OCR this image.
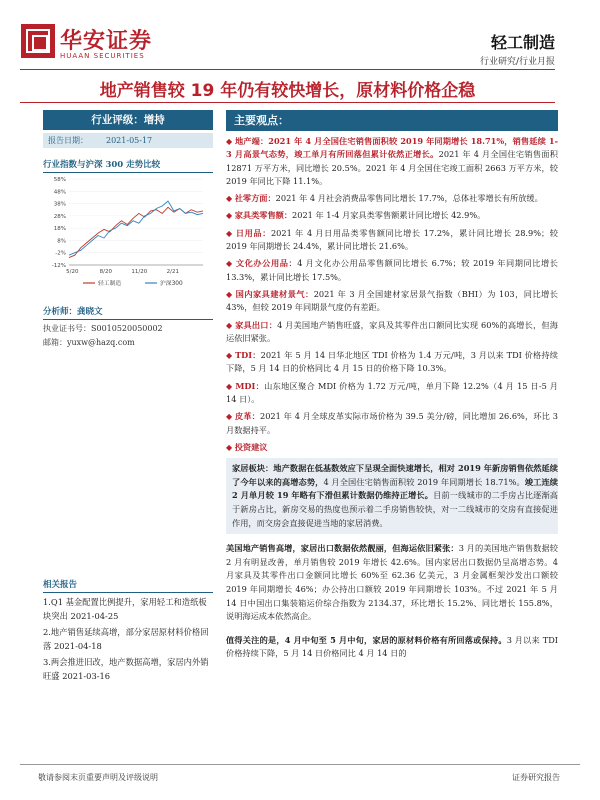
华安证券
HUAAN SECURITIES
轻工制造
行业研究/行业月报
地产销售较 19 年仍有较快增长，原材料价格企稳
行业评级：增持
报告日期： 2021-05-17
行业指数与沪深 300 走势比较
58%
48%
38%
28%
18%
8%
-2%
-12%
5/20	8/20	11/20	2/21
轻工制造	沪深300
分析师：龚晓文
执业证书号：S0010520050002
邮箱：yuxw@hazq.com
相关报告
1.Q1 基金配置比例提升，家用轻工和造纸板块突出 2021-04-25
2.地产销售延续高增，部分家居原材料价格回落 2021-04-18
3.两会推进旧改，地产数据高增，家居内外销旺盛 2021-03-16
主要观点：
◆ 地产端：2021 年 4 月全国住宅销售面积较 2019 年同期增长 18.71%，销售延续 1-3 月高景气态势，竣工单月有所回落但累计依然正增长。2021 年 4 月全国住宅销售面积 12871 万平方米，同比增长 20.5%。2021 年 4 月全国住宅竣工面积 2663 万平方米，较 2019 年同比下降 11.1%。
◆ 社零方面：2021 年 4 月社会消费品零售同比增长 17.7%，总体社零增长有所放缓。
◆ 家具类零售额：2021 年 1-4 月家具类零售额累计同比增长 42.9%。
◆ 日用品：2021 年 4 月日用品类零售额同比增长 17.2%，累计同比增长 28.9%；较 2019 年同期增长 24.4%，累计同比增长 21.6%。
◆ 文化办公用品：4 月文化办公用品零售额同比增长 6.7%；较 2019 年同期同比增长 13.3%，累计同比增长 17.5%。
◆ 国内家具建材景气：2021 年 3 月全国建材家居景气指数（BHI）为 103，同比增长 43%，但较 2019 年同期景气度仍有差距。
◆ 家具出口：4 月美国地产销售旺盛，家具及其零件出口额同比实现 60%的高增长，但海运依旧紧张。
◆ TDI：2021 年 5 月 14 日华北地区 TDI 价格为 1.4 万元/吨，3 月以来 TDI 价格持续下降，5 月 14 日的价格同比 4 月 15 日的价格下降 10.3%。
◆ MDI：山东地区聚合 MDI 价格为 1.72 万元/吨，单月下降 12.2%（4 月 15 日-5 月 14 日）。
◆ 皮革：2021 年 4 月全球皮革实际市场价格为 39.5 美分/磅，同比增加 26.6%，环比 3 月数据持平。
◆ 投资建议
家居板块：地产数据在低基数效应下呈现全面快速增长，相对 2019 年新房销售依然延续了今年以来的高增态势，4 月全国住宅销售面积较 2019 年同期增长 18.71%。竣工连续 2 月单月较 19 年略有下滑但累计数据仍维持正增长。目前一线城市的二手房占比逐渐高于新房占比，新房交易的热度也预示着二手房销售较快，对一二线城市的交房有直接促进作用，而交房会直接促进当地的家居消费。
美国地产销售高增，家居出口数据依然靓丽，但海运依旧紧张：3 月的美国地产销售数据较 2 月有明显改善，单月销售较 2019 年增长 42.6%。国内家居出口数据仍呈高增态势。4 月家具及其零件出口金额同比增长 60%至 62.36 亿美元，3 月金属框架沙发出口额较 2019 年同期增长 46%；办公持出口额较 2019 年同期增长 103%。不过 2021 年 5 月 14 日中国出口集装箱运价综合指数为 2134.37，环比增长 15.2%、同比增长 155.8%，说明海运成本依然高企。
值得关注的是，4 月中旬至 5 月中旬，家居的原材料价格有所回落或保持。3 月以来 TDI 价格持续下降，5 月 14 日价格同比 4 月 14 日的
敬请参阅末页重要声明及评级说明	证券研究报告
